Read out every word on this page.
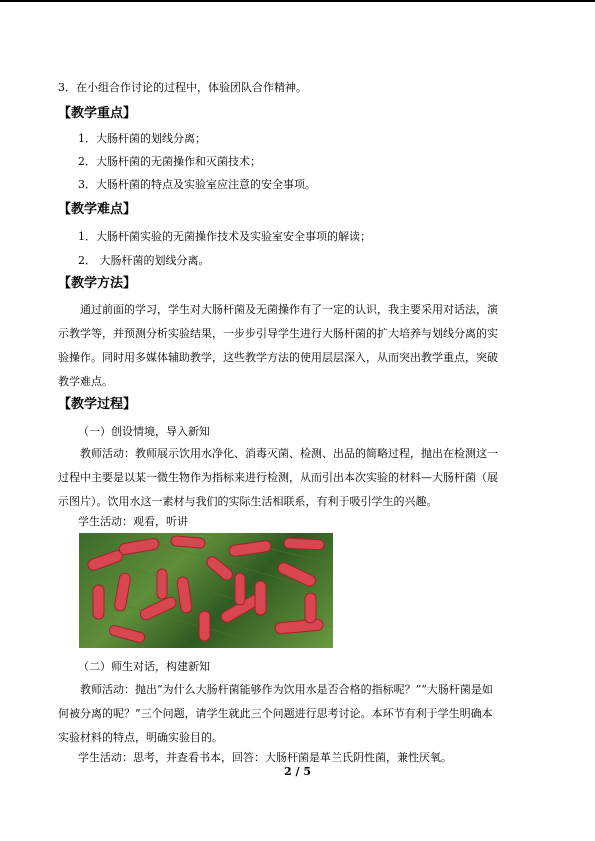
3．在小组合作讨论的过程中，体验团队合作精神。
【教学重点】
1．大肠杆菌的划线分离；
2．大肠杆菌的无菌操作和灭菌技术；
3．大肠杆菌的特点及实验室应注意的安全事项。
【教学难点】
1．大肠杆菌实验的无菌操作技术及实验室安全事项的解读；
2． 大肠杆菌的划线分离。
【教学方法】
通过前面的学习，学生对大肠杆菌及无菌操作有了一定的认识，我主要采用对话法，演
示教学等，并预测分析实验结果，一步步引导学生进行大肠杆菌的扩大培养与划线分离的实
验操作。同时用多媒体辅助教学，这些教学方法的使用层层深入，从而突出教学重点，突破
教学难点。
【教学过程】
（一）创设情境，导入新知
教师活动：教师展示饮用水净化、消毒灭菌、检测、出品的简略过程，抛出在检测这一
过程中主要是以某一微生物作为指标来进行检测，从而引出本次实验的材料—大肠杆菌（展
示图片）。饮用水这一素材与我们的实际生活相联系，有利于吸引学生的兴趣。
学生活动：观看，听讲
（二）师生对话，构建新知
教师活动：抛出“为什么大肠杆菌能够作为饮用水是否合格的指标呢？”“大肠杆菌是如
何被分离的呢？”三个问题，请学生就此三个问题进行思考讨论。本环节有利于学生明确本
实验材料的特点，明确实验目的。
学生活动：思考，并查看书本，回答：大肠杆菌是革兰氏阴性菌，兼性厌氧。
2 / 5
